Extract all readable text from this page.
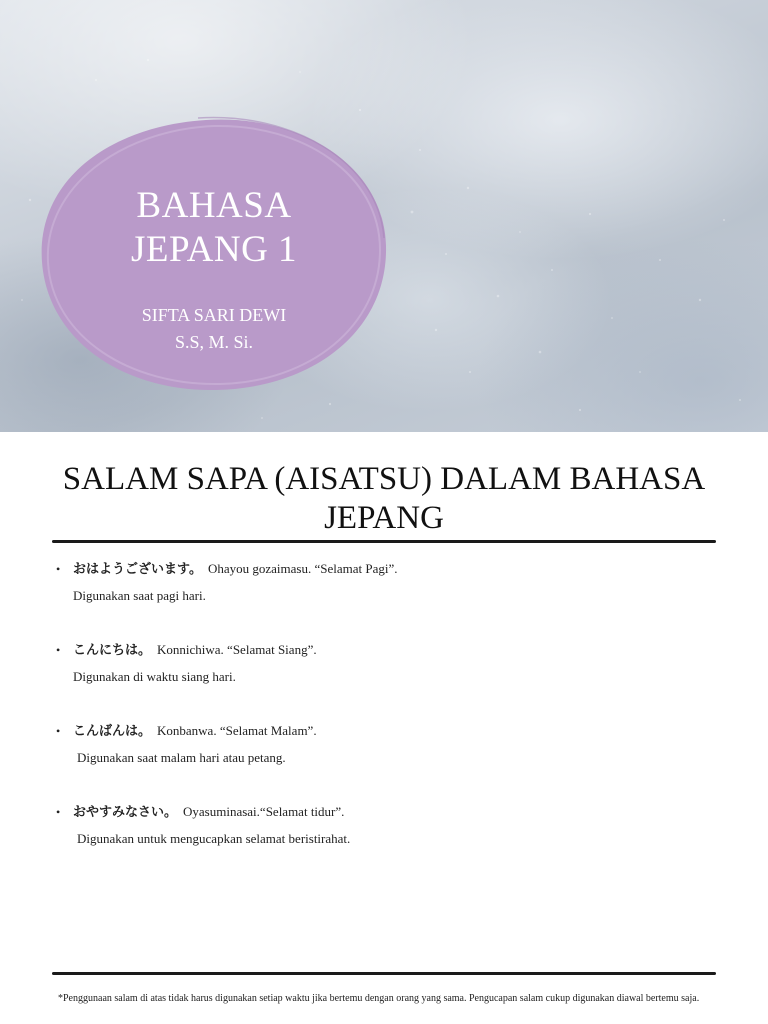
BAHASA
JEPANG 1
SIFTA SARI DEWI
S.S, M. Si.
SALAM SAPA (AISATSU) DALAM BAHASA
JEPANG
• おはようございます。 Ohayou gozaimasu. “Selamat Pagi”.
Digunakan saat pagi hari.
• こんにちは。 Konnichiwa. “Selamat Siang”.
Digunakan di waktu siang hari.
• こんばんは。 Konbanwa. “Selamat Malam”.
Digunakan saat malam hari atau petang.
• おやすみなさい。 Oyasuminasai.“Selamat tidur”.
Digunakan untuk mengucapkan selamat beristirahat.
*Penggunaan salam di atas tidak harus digunakan setiap waktu jika bertemu dengan orang yang sama. Pengucapan salam cukup digunakan diawal bertemu saja.
